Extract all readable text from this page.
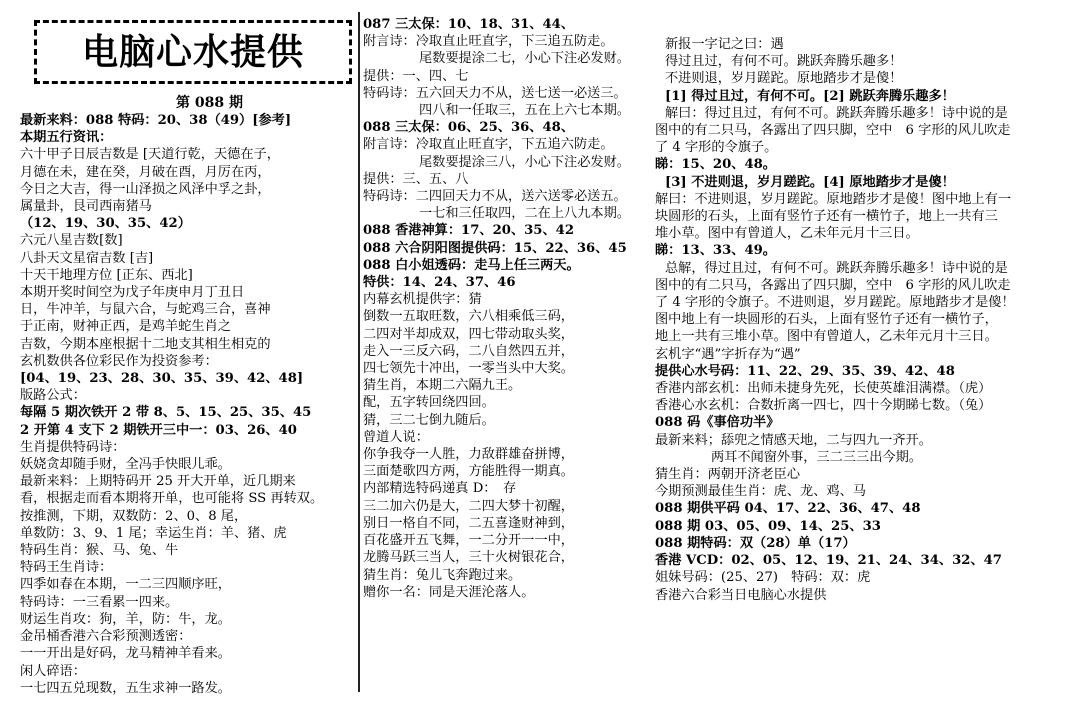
电脑心水提供
第 088 期
最新来料：088 特码：20、38（49）[参考]
本期五行资讯：
六十甲子日辰吉数是 [天道行乾，天德在子，
月德在未，建在癸，月破在酉，月厉在丙，
今日之大吉，得一山泽损之风泽中孚之卦，
属量卦，艮司西南猪马
（12、19、30、35、42）
六元八星吉数[数]
八卦天文星宿吉数 [吉]
十天干地理方位 [正东、西北]
本期开奖时间空为戊子年庚申月丁丑日
日，牛冲羊，与鼠六合，与蛇鸡三合，喜神
于正南，财神正西，是鸡羊蛇生肖之
吉数，今期本座根据十二地支其相生相克的
玄机数供各位彩民作为投资参考：
[04、19、23、28、30、35、39、42、48]
版路公式：
每隔 5 期次铁开 2 带 8、5、15、25、35、45
2 开第 4 支下 2 期铁开三中一：03、26、40
生肖提供特码诗：
妖娆贪却随手财，全冯手快眼儿乖。
最新来料：上期特码开 25 开大开单，近几期来
看，根据走而看本期将开单，也可能将 SS 再转双。
按推测，下期，双数防：2、0、8 尾，
单数防：3、9、1 尾；幸运生肖：羊、猪、虎
特码生肖：猴、马、兔、牛
特码王生肖诗：
四季如春在本期，一二三四顺序旺，
特码诗：一三看累一四来。
财运生肖攻：狗，羊，防：牛，龙。
金吊桶香港六合彩预测透密：
一一开出是好码，龙马精神羊看来。
闲人碎语：
一七四五兑现数，五生求神一路发。
087 三太保：10、18、31、44、
附言诗：冷取直止旺直字，下三追五防走。
尾数要提涂二七，小心下注必发财。
提供：一、四、七
特码诗：五六回天力不从，送七送一必送三。
四八和一任取三，五在上六七本期。
088 三太保：06、25、36、48、
附言诗：冷取直止旺直字，下五追六防走。
尾数要提涂三八，小心下注必发财。
提供：三、五、八
特码诗：二四回天力不从，送六送零必送五。
一七和三任取四，二在上八九本期。
088 香港神算：17、20、35、42
088 六合阴阳图提供码：15、22、36、45
088 白小姐透码：走马上任三两天。
特供：14、24、37、46
内幕玄机提供字：猜
倒数一五取旺数，六八相乘低三码，
二四对半却成双，四七带动取头奖，
走入一三反六码，二八自然四五并，
四七领先十冲出，一零当头中大奖。
猜生肖，本期二六隔九王。
配，五字转回绕四回。
猜，三二七倒九随后。
曾道人说：
你争我夺一人胜，力敌群雄奋拼博，
三面楚歌四方两，方能胜得一期真。
内部精选特码递真 D：　存
三二加六仍是大，二四大梦十初醒，
别日一格自不同，二五喜逢财神到，
百花盛开五飞舞，一二分开一一中，
龙腾马跃三当人，三十火树银花合，
猜生肖：兔儿飞奔跑过来。
赠你一名：同是天涯沦落人。
新报一字记之曰：遇
得过且过，有何不可。跳跃奔腾乐趣多！
不进则退，岁月蹉跎。原地踏步才是傻！
[1] 得过且过，有何不可。[2] 跳跃奔腾乐趣多！
解曰：得过且过，有何不可。跳跃奔腾乐趣多！诗中说的是
图中的有二只马，各露出了四只脚，空中　6 字形的风儿吹走
了 4 字形的令旗子。
睇：15、20、48。
[3] 不进则退，岁月蹉跎。[4] 原地踏步才是傻！
解曰：不进则退，岁月蹉跎。原地踏步才是傻！图中地上有一
块圆形的石头，上面有竖竹子还有一横竹子，地上一共有三
堆小草。图中有曾道人，乙未年元月十三日。
睇：13、33、49。
总解，得过且过，有何不可。跳跃奔腾乐趣多！诗中说的是
图中的有二只马，各露出了四只脚，空中　6 字形的风儿吹走
了 4 字形的令旗子。不进则退，岁月蹉跎。原地踏步才是傻！
图中地上有一块圆形的石头，上面有竖竹子还有一横竹子，
地上一共有三堆小草。图中有曾道人，乙未年元月十三日。
玄机字“遇”字折存为“遇”
提供心水号码：11、22、29、35、39、42、48
香港内部玄机：出师未捷身先死，长使英雄泪满襟。（虎）
香港心水玄机：合数折离一四七，四十今期睇七数。（兔）
088 码《事倍功半》
最新来料；舔兜之情感天地，二与四九一齐开。
两耳不闻窗外事，三二三三出今期。
猜生肖：两朝开济老臣心
今期预测最佳生肖：虎、龙、鸡、马
088 期供平码 04、17、22、36、47、48
088 期 03、05、09、14、25、33
088 期特码：双（28）单（17）
香港 VCD：02、05、12、19、21、24、34、32、47
姐妹号码：(25、27)　特码：双：虎
香港六合彩当日电脑心水提供
